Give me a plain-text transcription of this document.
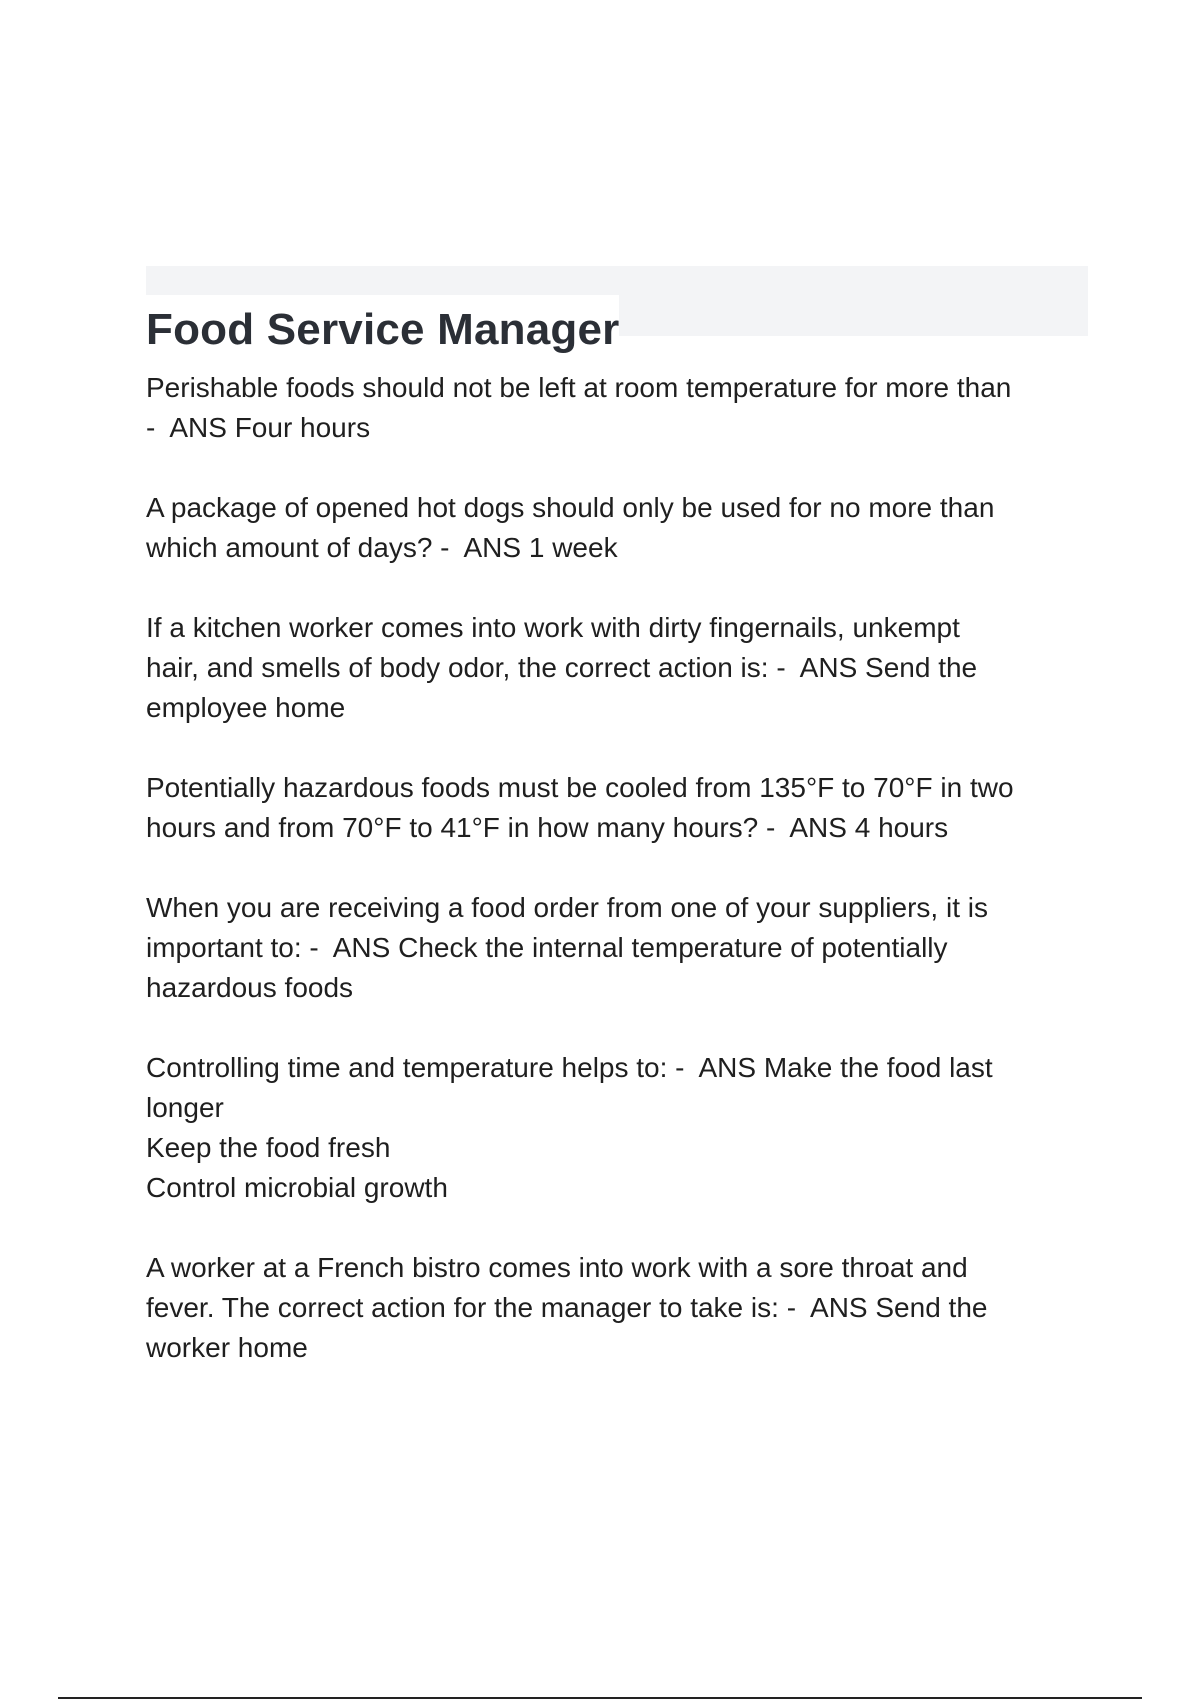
Food Service Manager
Perishable foods should not be left at room temperature for more than
-  ANS Four hours
A package of opened hot dogs should only be used for no more than
which amount of days? -  ANS 1 week
If a kitchen worker comes into work with dirty fingernails, unkempt
hair, and smells of body odor, the correct action is: -  ANS Send the
employee home
Potentially hazardous foods must be cooled from 135°F to 70°F in two
hours and from 70°F to 41°F in how many hours? -  ANS 4 hours
When you are receiving a food order from one of your suppliers, it is
important to: -  ANS Check the internal temperature of potentially
hazardous foods
Controlling time and temperature helps to: -  ANS Make the food last
longer
Keep the food fresh
Control microbial growth
A worker at a French bistro comes into work with a sore throat and
fever. The correct action for the manager to take is: -  ANS Send the
worker home
